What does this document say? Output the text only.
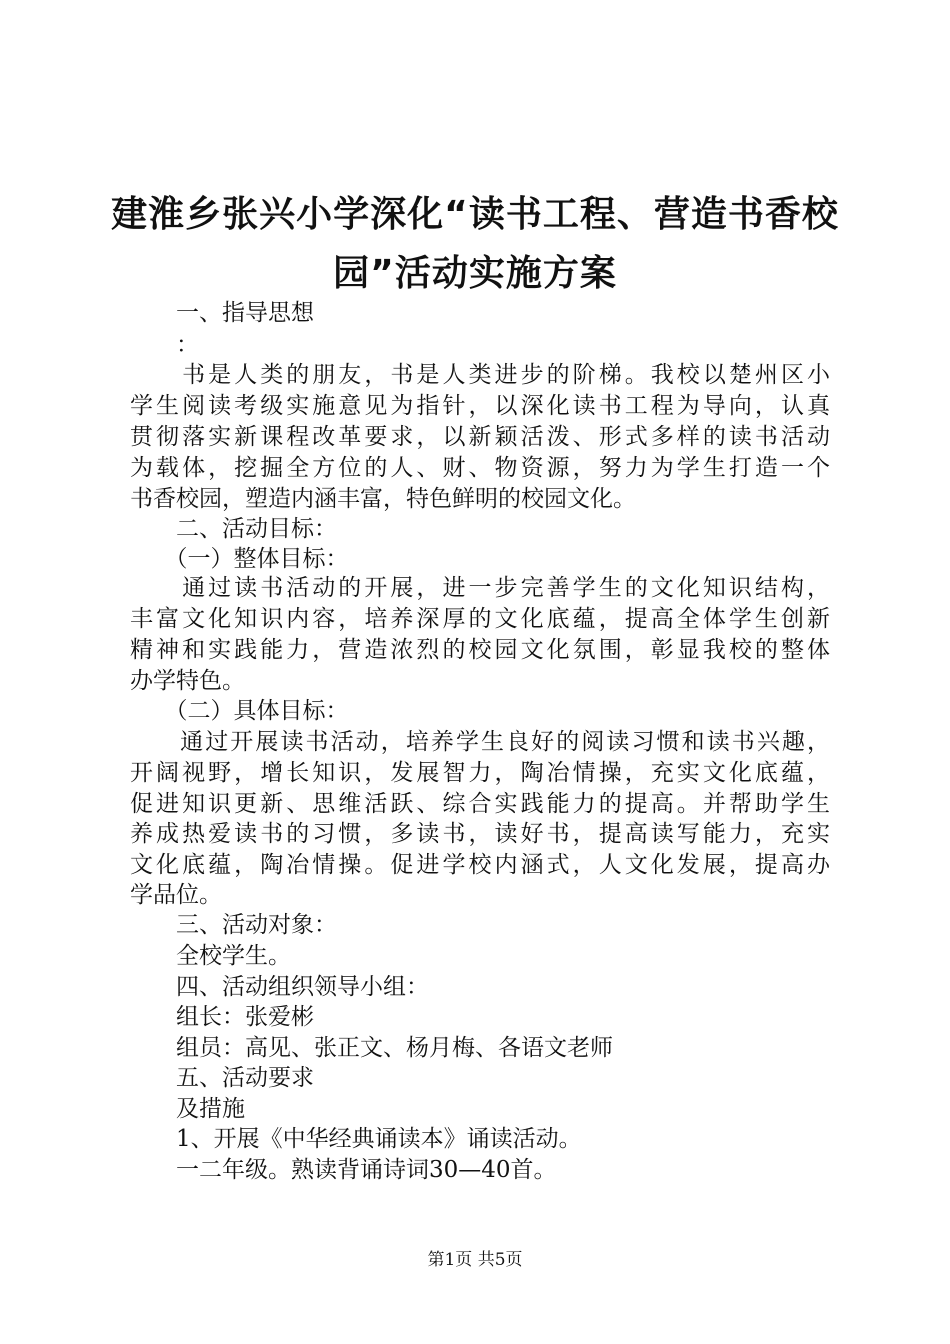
建淮乡张兴小学深化“读书工程、营造书香校
园”活动实施方案
　　一、指导思想
　　：
　　书是人类的朋友，书是人类进步的阶梯。我校以楚州区小
学生阅读考级实施意见为指针，以深化读书工程为导向，认真
贯彻落实新课程改革要求，以新颖活泼、形式多样的读书活动
为载体，挖掘全方位的人、财、物资源，努力为学生打造一个
书香校园，塑造内涵丰富，特色鲜明的校园文化。
　　二、活动目标：
　　（一）整体目标：
　　通过读书活动的开展，进一步完善学生的文化知识结构，
丰富文化知识内容，培养深厚的文化底蕴，提高全体学生创新
精神和实践能力，营造浓烈的校园文化氛围，彰显我校的整体
办学特色。
　　（二）具体目标：
　　通过开展读书活动，培养学生良好的阅读习惯和读书兴趣，
开阔视野，增长知识，发展智力，陶冶情操，充实文化底蕴，
促进知识更新、思维活跃、综合实践能力的提高。并帮助学生
养成热爱读书的习惯，多读书，读好书，提高读写能力，充实
文化底蕴，陶冶情操。促进学校内涵式，人文化发展，提高办
学品位。
　　三、活动对象：
　　全校学生。
　　四、活动组织领导小组：
　　组长：张爱彬
　　组员：高见、张正文、杨月梅、各语文老师
　　五、活动要求
　　及措施
　　1、开展《中华经典诵读本》诵读活动。
　　一二年级。熟读背诵诗词30—40首。
第1页 共5页
